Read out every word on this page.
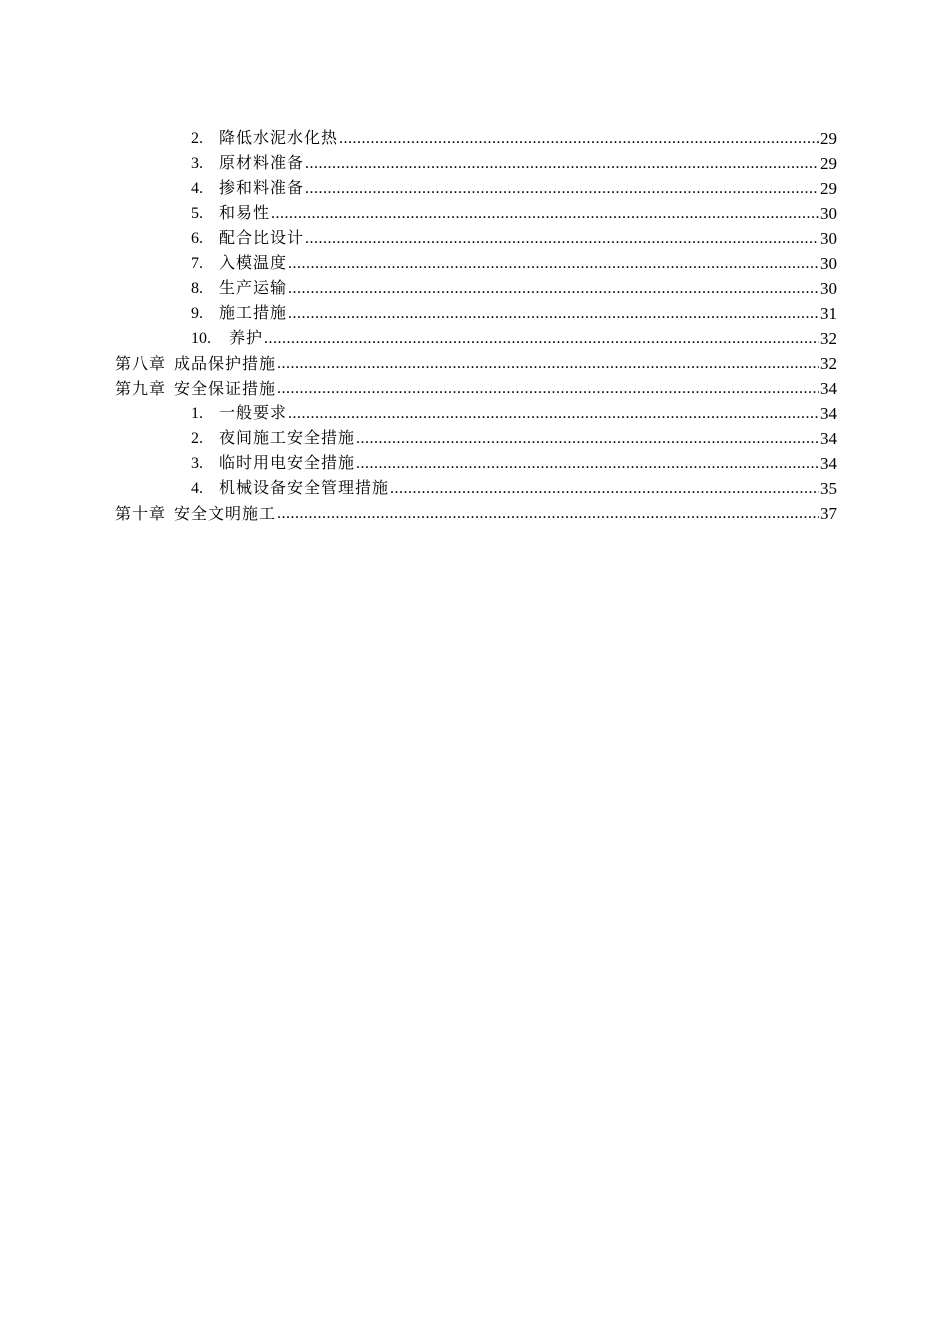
2. 降低水泥水化热 .....	29
3. 原材料准备 .....	29
4. 掺和料准备 .....	29
5. 和易性 .....	30
6. 配合比设计 .....	30
7. 入模温度 .....	30
8. 生产运输 .....	30
9. 施工措施 .....	31
10. 养护 .....	32
第八章 成品保护措施 .....	32
第九章 安全保证措施 .....	34
1. 一般要求 .....	34
2. 夜间施工安全措施 .....	34
3. 临时用电安全措施 .....	34
4. 机械设备安全管理措施 .....	35
第十章 安全文明施工 .....	37
